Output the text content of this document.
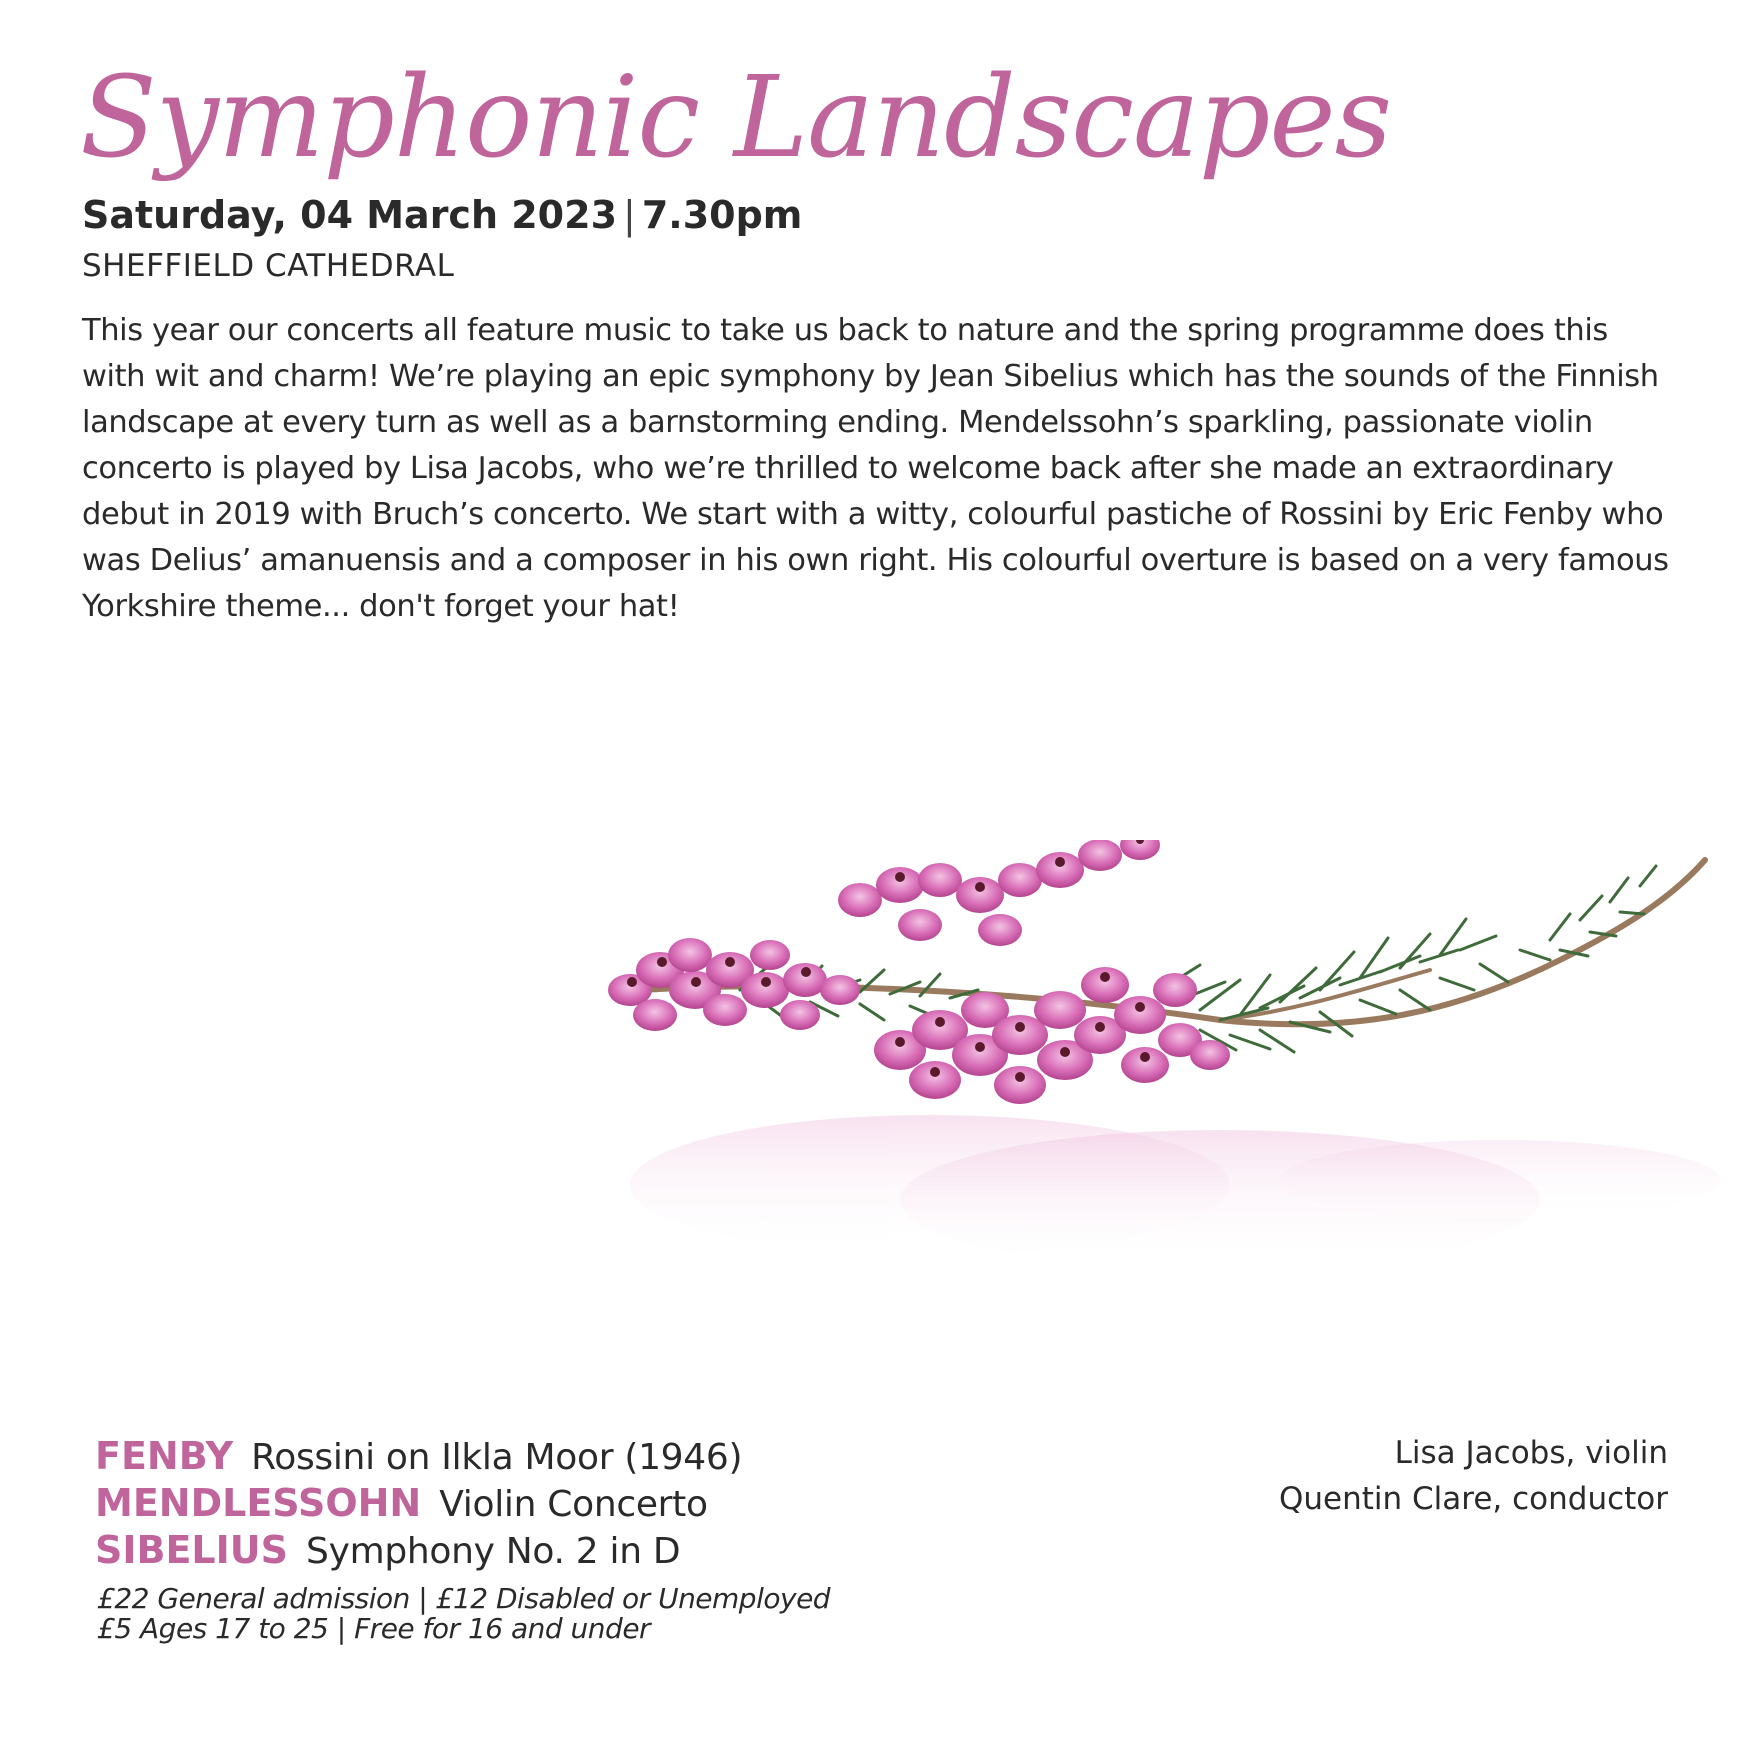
Symphonic Landscapes
Saturday, 04 March 2023 | 7.30pm
SHEFFIELD CATHEDRAL

This year our concerts all feature music to take us back to nature and the spring programme does this with wit and charm! We’re playing an epic symphony by Jean Sibelius which has the sounds of the Finnish landscape at every turn as well as a barnstorming ending. Mendelssohn’s sparkling, passionate violin concerto is played by Lisa Jacobs, who we’re thrilled to welcome back after she made an extraordinary debut in 2019 with Bruch’s concerto. We start with a witty, colourful pastiche of Rossini by Eric Fenby who was Delius’ amanuensis and a composer in his own right. His colourful overture is based on a very famous Yorkshire theme... don't forget your hat!

FENBY Rossini on Ilkla Moor (1946)
MENDLESSOHN Violin Concerto
SIBELIUS Symphony No. 2 in D
£22 General admission | £12 Disabled or Unemployed
£5 Ages 17 to 25 | Free for 16 and under
Lisa Jacobs, violin
Quentin Clare, conductor
